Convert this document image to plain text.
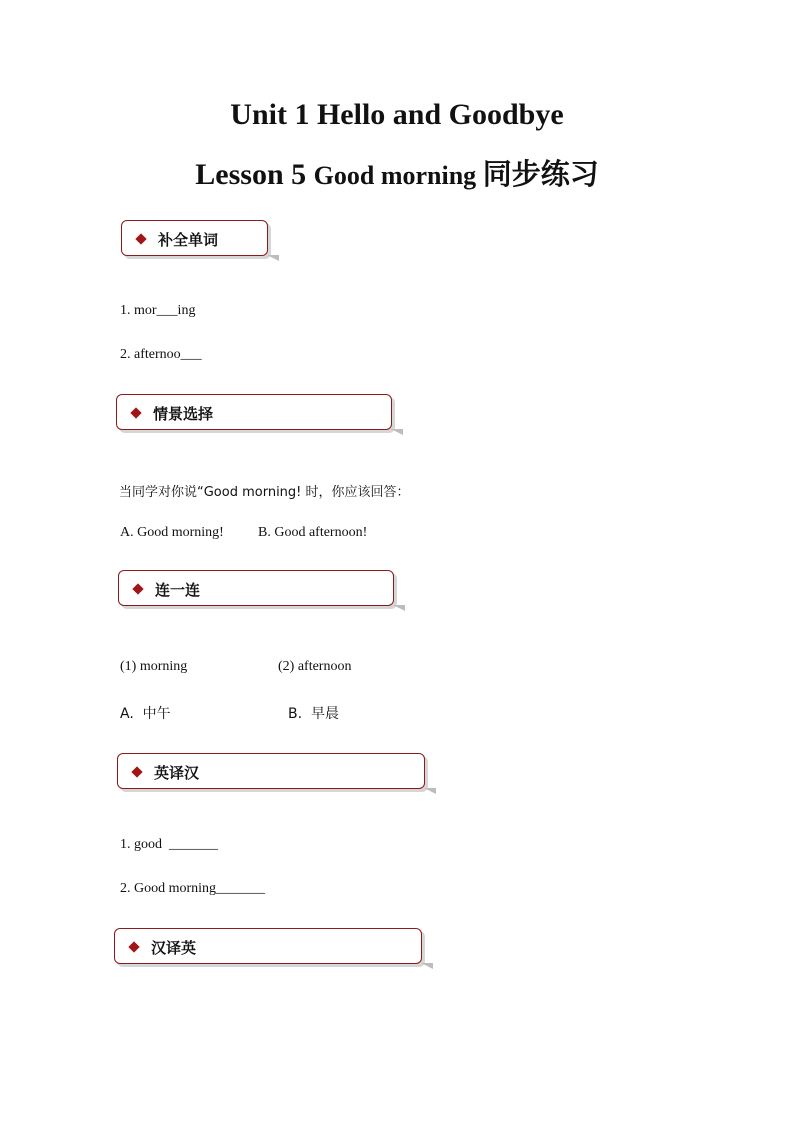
Unit 1 Hello and Goodbye
Lesson 5 Good morning 同步练习
补全单词
1. mor___ing
2. afternoo___
情景选择
当同学对你说“Good morning! 时，你应该回答：
A. Good morning! B. Good afternoon!
连一连
(1) morning	(2) afternoon
A.  中午	B.  早晨
英译汉
1. good  _______
2. Good morning_______
汉译英
